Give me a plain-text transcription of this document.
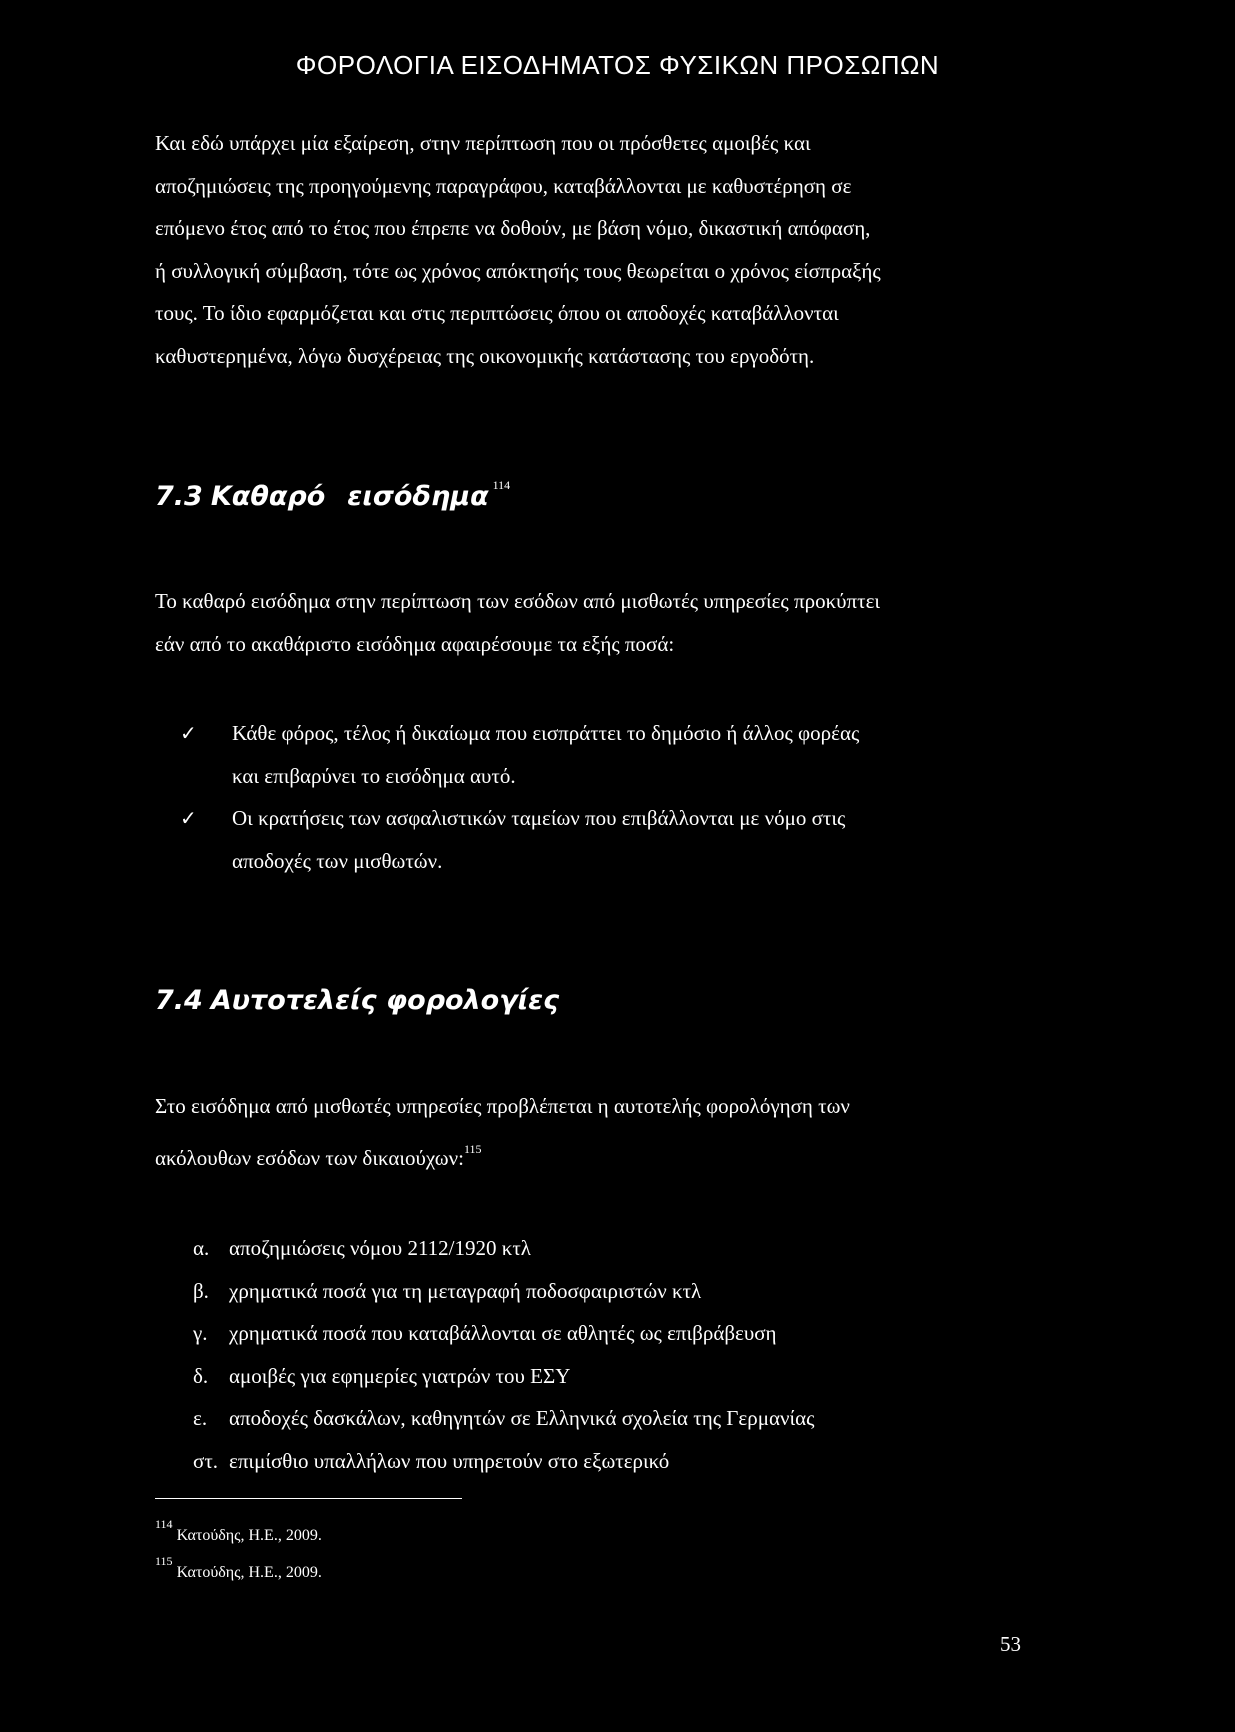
ΦΟΡΟΛΟΓΙΑ ΕΙΣΟΔΗΜΑΤΟΣ ΦΥΣΙΚΩΝ ΠΡΟΣΩΠΩΝ
Και εδώ υπάρχει μία εξαίρεση, στην περίπτωση που οι πρόσθετες αμοιβές και
αποζημιώσεις της προηγούμενης παραγράφου, καταβάλλονται με καθυστέρηση σε
επόμενο έτος από το έτος που έπρεπε να δοθούν, με βάση νόμο, δικαστική απόφαση,
ή συλλογική σύμβαση, τότε ως χρόνος απόκτησής τους θεωρείται ο χρόνος είσπραξής
τους. Το ίδιο εφαρμόζεται και στις περιπτώσεις όπου οι αποδοχές καταβάλλονται
καθυστερημένα, λόγω δυσχέρειας της οικονομικής κατάστασης του εργοδότη.
7.3 Καθαρό εισόδημα $^{114}$
Το καθαρό εισόδημα στην περίπτωση των εσόδων από μισθωτές υπηρεσίες προκύπτει
εάν από το ακαθάριστο εισόδημα αφαιρέσουμε τα εξής ποσά:
✓ Κάθε φόρος, τέλος ή δικαίωμα που εισπράττει το δημόσιο ή άλλος φορέας
και επιβαρύνει το εισόδημα αυτό.
✓ Οι κρατήσεις των ασφαλιστικών ταμείων που επιβάλλονται με νόμο στις
αποδοχές των μισθωτών.
7.4 Αυτοτελείς φορολογίες
Στο εισόδημα από μισθωτές υπηρεσίες προβλέπεται η αυτοτελής φορολόγηση των
ακόλουθων εσόδων των δικαιούχων:$^{115}$
α. αποζημιώσεις νόμου 2112/1920 κτλ
β. χρηματικά ποσά για τη μεταγραφή ποδοσφαιριστών κτλ
γ. χρηματικά ποσά που καταβάλλονται σε αθλητές ως επιβράβευση
δ. αμοιβές για εφημερίες γιατρών του ΕΣΥ
ε. αποδοχές δασκάλων, καθηγητών σε Ελληνικά σχολεία της Γερμανίας
στ. επιμίσθιο υπαλλήλων που υπηρετούν στο εξωτερικό
$^{114}$ Κατούδης, Η.Ε., 2009.
$^{115}$ Κατούδης, Η.Ε., 2009.
53
